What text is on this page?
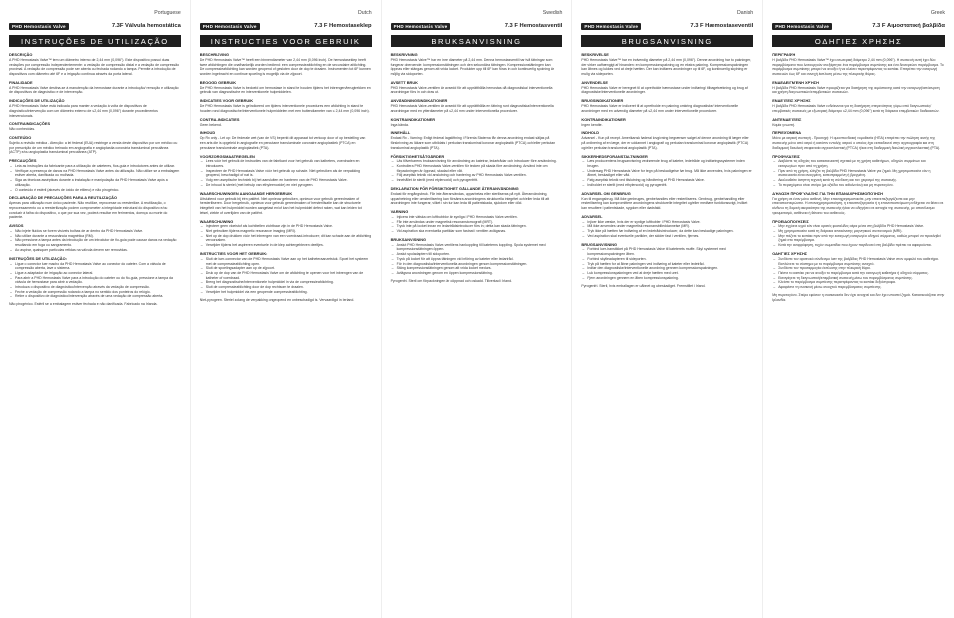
Portuguese
PHD Hemostasis Valve	7.3F Válvula hemostática
INSTRUÇÕES DE UTILIZAÇÃO
DESCRIÇÃO

A PHD Hemostasis Valve™ tem um diâmetro interno de 2,44 mm (0,096"). Este dispositivo possui duas vedações por compressão independentemente: a vedação de compressão distal e a vedação de compressão proximal. A vedação de compressão pode ser aberta ou fechada rodando a tampa. Permite a introdução de dispositivos com diâmetro até 6F e a irrigação contínua através da porta lateral.

FINALIDADE

A PHD Hemostasis Valve destina-se à manutenção da hemostase durante a introdução/ remoção e utilização de dispositivos de diagnóstico e de intervenção.

INDICAÇÕES DE UTILIZAÇÃO

A PHD Hemostasis Valve está indicada para manter a vedação à volta de dispositivos de diagnóstico/intervenção com um diâmetro externo de ≤2,44 mm (0,096") durante procedimentos intervencionais.

CONTRAINDICAÇÕES

Não conhecidas.

CONTEÚDO

Sujeito a revisão médica - Atenção: a lei federal (EUA) restringe a venda deste dispositivo por um médico ou por prescrição de um médico treinado em angiografia e angioplastia coronária transluminal percutânea (ACTP) e/ou angioplastia transluminal percutânea (ATP).

PRECAUÇÕES
– Leia as instruções da fabricante para a utilização de cateteres, fios-guia e introdutores antes de utilizar.
– Verifique a presença de danos na PHD Hemostasis Valve antes da utilização. Não utilize se a embalagem estiver aberta, danificada ou molhada.
– Siga as técnicas assépticas durante a instalação e manipulação da PHD Hemostasis Valve após a utilização.
– O conteúdo é estéril (através de óxido de etileno) e não pirogénico.
DECLARAÇÃO DE PRECAUÇÕES PARA A REUTILIZAÇÃO

Apenas para utilização num único paciente. Não reutilize, reprocesse ou reesterilize. A reutilização, o reprocessamento ou a reesterilização podem comprometer a integridade estrutural do dispositivo e/ou conduzir à falha do dispositivo, o que por sua vez, poderá resultar em ferimentos, doença ou morte do paciente.

AVISOS
– Não injete fluídos se forem visíveis bolhas de ar dentro da PHD Hemostasis Valve.
– Não utilize durante a ressonância magnética (RM).
– Não pressione a tampa antes da introdução de um introdutor de fio-guia pode causar danos na vedação resultando em fuga ou sangramento.
– Ao aspirar, quaisquer partículas retidas na válvula devem ser removidas.
INSTRUÇÕES DE UTILIZAÇÃO:
– Ligue o conector luer macho da PHD Hemostasis Valve ao conector do cateter. Com a válvula de compressão aberta, lave o sistema.
– Ligue a adaptador de irrigação ao conector lateral.
– Para abrir a PHD Hemostasis Valve para a introdução do cateter ou do fio-guia, pressione a tampa da válvula de hemostase para abrir a vedação.
– Introduza o dispositivo de diagnóstico/intervenção através da vedação de compressão.
– Feche a vedação de compressão rodando a tampa no sentido dos ponteiros do relógio.
– Retire o dispositivo de diagnóstico/intervenção através de uma vedação de compressão aberta.
Não pirogénico. Estéril se a embalagem estiver fechada e não danificada. Fabricado na Irlanda.
Dutch
PHD Hemostasis Valve	7.3 F Hemostaseklep
INSTRUCTIES VOOR GEBRUIK
BESCHRIJVING

De PHD Hemostasis Valve™ heeft een binnendiameter van 2,44 mm (0,096 inch). De hemostaseklep heeft twee afdichtingen die onafhankelijk worden bediend: een compressieafdichting en de secundaire afdichting. De compressieafdichting kan worden geopend of gesloten door de dop te draaien. Instrumenten tot 6F kunnen worden ingebracht en continue spoeling is mogelijk via de zijpoort.

BEOOGD GEBRUIK

De PHD Hemostasis Valve is bedoeld om hemostase in stand te houden tijdens het inbrengen/terugtrekken en gebruik van diagnostische en interventionele hulpmiddelen.

INDICATIES VOOR GEBRUIK

De PHD Hemostasis Valve is geïndiceerd om tijdens interventionele procedures een afdichting in stand te houden rond diagnostische/interventionele hulpmiddelen met een buitendiameter van ≤ 2,44 mm (0,096 inch).

CONTRA-INDICATIES

Geen bekend.

INHOUD

Op Rx only - Let op: De federale wet (van de VS) beperkt dit apparaat tot verkoop door of op bestelling van een arts die is opgeleid in angiografie en percutane transluminale coronaire angioplastiek (PTCA) en percutane transluminale angioplastiek (PTA).

VOORZORGSMAATREGELEN
– Lees vóór het gebruik de instructies van de fabrikant voor het gebruik van katheters, voerdraden en introducers.
– Inspecteer de PHD Hemostasis Valve vóór het gebruik op schade. Niet gebruiken als de verpakking geopend, beschadigd of nat is.
– Volg een aseptische techniek bij het aansluiten en hanteren van de PHD Hemostasis Valve.
– De inhoud is steriel (met behulp van ethyleenoxide) en niet pyrogeen.
WAARSCHUWINGEN AANGAANDE HERGEBRUIK

Uitsluitend voor gebruik bij één patiënt. Niet opnieuw gebruiken, opnieuw voor gebruik gereedmaken of hersteriliseren. Door hergebruik, opnieuw voor gebruik gereedmaken of hersterilisatie kan de structurele integriteit van het hulpmiddel worden aangetast en/of kan het hulpmiddel defect raken, wat kan leiden tot letsel, ziekte of overlijden van de patiënt.

WAARSCHUWING
– Injecteer geen vloeistof als luchtbellen zichtbaar zijn in de PHD Hemostasis Valve.
– Niet gebruiken tijdens magnetic resonance imaging (MRI).
– Niet op de dop drukken vóór het inbrengen van een voerdraad-introducer; dit kan schade aan de afdichting veroorzaken.
– Verwijder tijdens het aspireren eventuele in de klep achtergebleven deeltjes.
INSTRUCTIES VOOR HET GEBRUIK:
– Sluit de luer-connector van de PHD Hemostasis Valve aan op het katheteraanzetstuk. Spoel het systeem met de compressieafdichting open.
– Sluit de spoelingsadapter aan op de zijpoort.
– Druk op de dop van de PHD Hemostasis Valve om de afdichting te openen voor het inbrengen van de katheter of voerdraad.
– Breng het diagnostische/interventionele hulpmiddel in via de compressieafdichting.
– Sluit de compressieafdichting door de dop rechtsom te draaien.
– Verwijder het hulpmiddel via een geopende compressieafdichting.
Niet-pyrogeen. Steriel zolang de verpakking ongeopend en onbeschadigd is. Vervaardigd in Ierland.
Swedish
PHD Hemostasis Valve	7.3 F Hemostasventil
BRUKSANVISNING
BESKRIVNING

PHD Hemostasis Valve™ har en inre diameter på 2,44 mm. Denna hemostasventil har två tätningar som fungerar oberoende: kompressionstätningen och den sekundära tätningen. Kompressionstätningen kan öppnas eller stängas genom att vrida locket. Produkter upp till 6F kan föras in och kontinuerlig spolning är möjlig via sidoporten.

AVSETT BRUK

PHD Hemostasis Valve-ventilen är avsedd för att upprätthålla hemostas då diagnostiska/ interventionella anordningar förs in och dras ut.

ANVÄNDNINGSINDIKATIONER

PHD Hemostasis Valve-ventilen är avsedd för att upprätthålla en tätning runt diagnostiska/interventionella anordningar med en ytterdiameter på ≤2,44 mm under interventionella procedurer.

KONTRAINDIKATIONER

Inga kända.

INNEHÅLL

Endast Rx - Varning: Enligt federal lagstiftning i Förenta Staterna får denna anordning endast säljas på förskrivning av läkare som utbildats i perkutan transluminal koronar angioplastik (PTCA) och/eller perkutan transluminal angioplastik (PTA).

FÖRSIKTIGHETSÅTGÄRDER
– Läs tillverkarens bruksanvisning för användning av katetrar, ledartrådar och introducer före användning.
– Kontrollera PHD Hemostasis Valve-ventilen för tecken på skada före användning. Använd inte om förpackningen är öppnad, skadad eller våt.
– Följ aseptisk teknik vid anslutning och hantering av PHD Hemostasis Valve-ventilen.
– Innehållet är sterilt (med etylenoxid) och pyrogenfritt.
DEKLARATION FÖR FÖRSIKTIGHET GÄLLANDE ÅTERANVÄNDNING

Endast för engångsbruk. Får inte återanvändas, upparbetas eller steriliseras på nytt. Återanvändning, upparbetning eller omsterilisering kan försämra anordningens strukturella integritet och/eller leda till att anordningen inte fungerar, vilket i sin tur kan leda till patientskada, sjukdom eller död.

VARNING
– Injicera inte vätska om luftbubblor är synliga i PHD Hemostasis Valve-ventilen.
– Får inte användas under magnetisk resonanstomografi (MRT).
– Tryck inte på locket innan en ledartrådsintroducer förs in; detta kan skada tätningen.
– Vid aspiration ska eventuella partiklar som fastnat i ventilen avlägsnas.
BRUKSANVISNING
– Anslut PHD Hemostasis Valve-ventilens hankoppling till kateterns koppling. Spola systemet med kompressionstätningen öppen.
– Anslut spoladaptern till sidoporten.
– Tryck på locket för att öppna tätningen vid införing av kateter eller ledartråd.
– För in den diagnostiska/interventionella anordningen genom kompressionstätningen.
– Stäng kompressionstätningen genom att vrida locket medurs.
– Avlägsna anordningen genom en öppen kompressionstätning.
Pyrogenfri. Steril om förpackningen är oöppnad och oskadd. Tillverkad i Irland.
Danish
PHD Hemostasis Valve	7.3 F Hæmostaseventil
BRUGSANVISNING
BESKRIVELSE

PHD Hemostasis Valve™ har en indvendig diameter på 2,44 mm (0,096"). Denne anordning har to pakninger, der virker uafhængigt af hinanden: en kompressionspakning og en ekstra pakning. Kompressionspakningen kan åbnes og lukkes ved at dreje hætten. Der kan indføres anordninger op til 6F, og kontinuerlig skylning er mulig via sideporten.

ANVENDELSE

PHD Hemostasis Valve er beregnet til at opretholde hæmostase under indføring/ tilbagetrækning og brug af diagnostiske/interventionelle anordninger.

BRUGSINDIKATIONER

PHD Hemostasis Valve er indiceret til at opretholde en pakning omkring diagnostiske/ interventionelle anordninger med en udvendig diameter på ≤2,44 mm under interventionelle procedurer.

KONTRAINDIKATIONER

Ingen kendte.

INDHOLD

Advarsel - Kun på recept. Amerikansk føderal lovgivning begrænser salget af denne anordning til læger eller på ordinering af en læge, der er uddannet i angiografi og perkutan transluminal koronar angioplastik (PTCA) og/eller perkutan transluminal angioplastik (PTA).

SIKKERHEDSFORANSTALTNINGER
– Læs producentens brugsanvisning vedrørende brug af katetre, ledetråde og indføringssystemer inden brugen.
– Undersøg PHD Hemostasis Valve for tegn på beskadigelse før brug. Må ikke anvendes, hvis pakningen er åbnet, beskadiget eller våd.
– Følg aseptisk teknik ved tilslutning og håndtering af PHD Hemostasis Valve.
– Indholdet er sterilt (med ethylenoxid) og pyrogenfrit.
ADVARSEL OM GENBRUG

Kun til engangsbrug. Må ikke genbruges, genbehandles eller resteriliseres. Genbrug, genbehandling eller resterilisering kan kompromittere anordningens strukturelle integritet og/eller medføre funktionssvigt, hvilket kan resultere i patientskade, sygdom eller dødsfald.

ADVARSEL
– Injicer ikke væske, hvis der er synlige luftbobler i PHD Hemostasis Valve.
– Må ikke anvendes under magnetisk resonansbilleddannelse (MR).
– Tryk ikke på hætten før indføring af en ledetrådsintroducer, da dette kan beskadige pakningen.
– Ved aspiration skal eventuelle partikler, der sidder fast i ventilen, fjernes.
BRUGSANVISNING
– Forbind luer-hanstikket på PHD Hemostasis Valve til kateterets muffe. Skyl systemet med kompressionspakningen åben.
– Forbind skylleadapteren til sideporten.
– Tryk på hætten for at åbne pakningen ved indføring af kateter eller ledetråd.
– Indfør den diagnostiske/interventionelle anordning gennem kompressionspakningen.
– Luk kompressionspakningen ved at dreje hætten med uret.
– Fjern anordningen gennem en åben kompressionspakning.
Pyrogenfri. Steril, hvis emballagen er uåbnet og ubeskadiget. Fremstillet i Irland.
Greek
PHD Hemostasis Valve	7.3 F Αιμοστατική βαλβίδα
ΟΔΗΓΙΕΣ ΧΡΗΣΗΣ
ΠΕΡΙΓΡΑΦΉ

Η βαλβίδα PHD Hemostasis Valve™ έχει εσωτερική διάμετρο 2,44 mm (0,096"). Η συσκευή αυτή έχει δύο παρεμβύσματα που λειτουργούν ανεξάρτητα: ένα παρέμβυσμα συμπίεσης και ένα δευτερεύον παρέμβυσμα. Το παρέμβυσμα συμπίεσης μπορεί να ανοίξει ή να κλείσει περιστρέφοντας το καπάκι. Επιτρέπει την εισαγωγή συσκευών έως 6F και συνεχή έκπλυση μέσω της πλευρικής θύρας.

ΕΝΔΕΔΕΙΓΜΈΝΗ ΧΡΉΣΗ

Η βαλβίδα PHD Hemostasis Valve προορίζεται για διατήρηση της αιμόστασης κατά την εισαγωγή/απόσυρση και χρήση διαγνωστικών/επεμβατικών συσκευών.

ΕΝΔΕΊΞΕΙΣ ΧΡΉΣΗΣ

Η βαλβίδα PHD Hemostasis Valve ενδείκνυται για τη διατήρηση στεγανότητας γύρω από διαγνωστικές/επεμβατικές συσκευές με εξωτερική διάμετρο ≤2,44 mm (0,096") κατά τη διάρκεια επεμβατικών διαδικασιών.

ΑΝΤΕΝΔΕΊΞΕΙΣ

Καμία γνωστή.

ΠΕΡΙΕΧΌΜΕΝΑ

Μόνο με ιατρική συνταγή - Προσοχή: Η ομοσπονδιακή νομοθεσία (ΗΠΑ) επιτρέπει την πώληση αυτής της συσκευής μόνο από ιατρό ή κατόπιν εντολής ιατρού ο οποίος έχει εκπαιδευτεί στην αγγειογραφία και στη διαδερμική διαυλική στεφανιαία αγγειοπλαστική (PTCA) ή/και στη διαδερμική διαυλική αγγειοπλαστική (PTA).

ΠΡΟΦΥΛΆΞΕΙΣ
– Διαβάστε τις οδηγίες του κατασκευαστή σχετικά με τη χρήση καθετήρων, οδηγών συρμάτων και εισαγωγέων πριν από τη χρήση.
– Πριν από τη χρήση, ελέγξτε τη βαλβίδα PHD Hemostasis Valve για ζημιά. Μη χρησιμοποιείτε εάν η συσκευασία είναι ανοιγμένη, κατεστραμμένη ή βρεγμένη.
– Ακολουθείτε άσηπτη τεχνική κατά τη σύνδεση και τον χειρισμό της συσκευής.
– Το περιεχόμενο είναι στείρο (με οξείδιο του αιθυλενίου) και μη πυρετογόνο.
ΔΉΛΩΣΗ ΠΡΟΦΎΛΑΞΗΣ ΓΙΑ ΤΗΝ ΕΠΑΝΑΧΡΗΣΙΜΟΠΟΊΗΣΗ

Για χρήση σε έναν μόνο ασθενή. Μην επαναχρησιμοποιείτε, μην επανεπεξεργάζεστε και μην επαναποστειρώνετε. Η επαναχρησιμοποίηση, η επανεπεξεργασία ή η επαναποστείρωση ενδέχεται να θέσει σε κίνδυνο τη δομική ακεραιότητα της συσκευής ή/και να οδηγήσει σε αστοχία της συσκευής, με αποτέλεσμα τραυματισμό, ασθένεια ή θάνατο του ασθενούς.

ΠΡΟΕΙΔΟΠΟΙΉΣΕΙΣ
– Μην εγχύετε υγρό εάν είναι ορατές φυσαλίδες αέρα μέσα στη βαλβίδα PHD Hemostasis Valve.
– Μη χρησιμοποιείτε κατά τη διάρκεια απεικόνισης μαγνητικού συντονισμού (MRI).
– Μην πιέζετε το καπάκι πριν από την εισαγωγή εισαγωγέα οδηγού σύρματος, καθώς μπορεί να προκληθεί ζημιά στο παρέμβυσμα.
– Κατά την αναρρόφηση, τυχόν σωματίδια που έχουν παγιδευτεί στη βαλβίδα πρέπει να αφαιρούνται.
ΟΔΗΓΊΕΣ ΧΡΉΣΗΣ
– Συνδέστε τον αρσενικό σύνδεσμο luer της βαλβίδας PHD Hemostasis Valve στον ομφαλό του καθετήρα. Εκπλύνετε το σύστημα με το παρέμβυσμα συμπίεσης ανοιχτό.
– Συνδέστε τον προσαρμογέα έκπλυσης στην πλευρική θύρα.
– Πιέστε το καπάκι για να ανοίξει το παρέμβυσμα κατά την εισαγωγή καθετήρα ή οδηγού σύρματος.
– Εισαγάγετε τη διαγνωστική/επεμβατική συσκευή μέσω του παρεμβύσματος συμπίεσης.
– Κλείστε το παρέμβυσμα συμπίεσης περιστρέφοντας το καπάκι δεξιόστροφα.
– Αφαιρέστε τη συσκευή μέσω ανοιχτού παρεμβύσματος συμπίεσης.
Μη πυρετογόνο. Στείρο εφόσον η συσκευασία δεν έχει ανοιχτεί και δεν έχει υποστεί ζημιά. Κατασκευάζεται στην Ιρλανδία.
